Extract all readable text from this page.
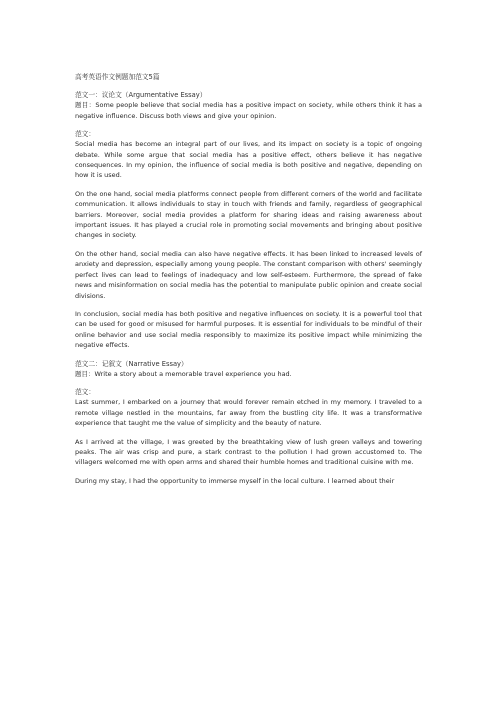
高考英语作文例题加范文5篇
范文一：议论文（Argumentative Essay）
题目：Some people believe that social media has a positive impact on society, while others think it has a negative influence. Discuss both views and give your opinion.
范文：
Social media has become an integral part of our lives, and its impact on society is a topic of ongoing debate. While some argue that social media has a positive effect, others believe it has negative consequences. In my opinion, the influence of social media is both positive and negative, depending on how it is used.
On the one hand, social media platforms connect people from different corners of the world and facilitate communication. It allows individuals to stay in touch with friends and family, regardless of geographical barriers. Moreover, social media provides a platform for sharing ideas and raising awareness about important issues. It has played a crucial role in promoting social movements and bringing about positive changes in society.
On the other hand, social media can also have negative effects. It has been linked to increased levels of anxiety and depression, especially among young people. The constant comparison with others' seemingly perfect lives can lead to feelings of inadequacy and low self-esteem. Furthermore, the spread of fake news and misinformation on social media has the potential to manipulate public opinion and create social divisions.
In conclusion, social media has both positive and negative influences on society. It is a powerful tool that can be used for good or misused for harmful purposes. It is essential for individuals to be mindful of their online behavior and use social media responsibly to maximize its positive impact while minimizing the negative effects.
范文二：记叙文（Narrative Essay）
题目：Write a story about a memorable travel experience you had.
范文：
Last summer, I embarked on a journey that would forever remain etched in my memory. I traveled to a remote village nestled in the mountains, far away from the bustling city life. It was a transformative experience that taught me the value of simplicity and the beauty of nature.
As I arrived at the village, I was greeted by the breathtaking view of lush green valleys and towering peaks. The air was crisp and pure, a stark contrast to the pollution I had grown accustomed to. The villagers welcomed me with open arms and shared their humble homes and traditional cuisine with me.
During my stay, I had the opportunity to immerse myself in the local culture. I learned about their
